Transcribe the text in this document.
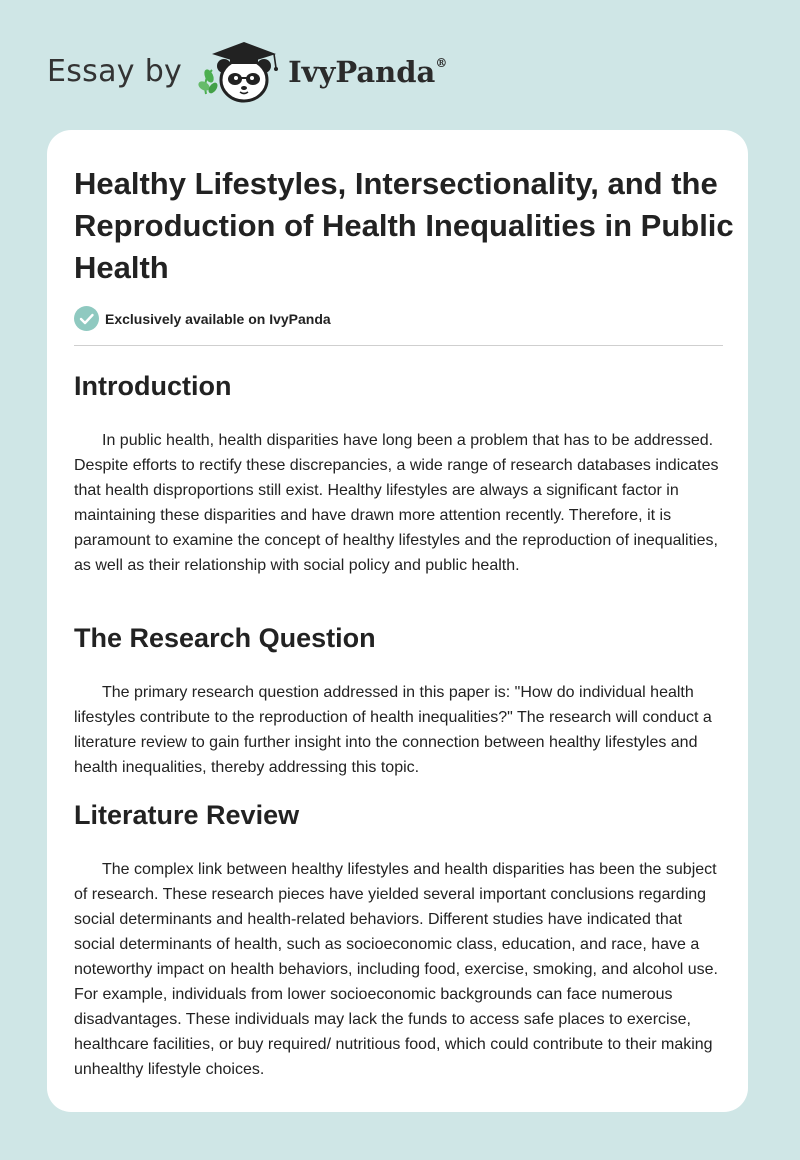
Essay by	IvyPanda®
Healthy Lifestyles, Intersectionality, and the Reproduction of Health Inequalities in Public Health
Exclusively available on IvyPanda
Introduction

In public health, health disparities have long been a problem that has to be addressed. Despite efforts to rectify these discrepancies, a wide range of research databases indicates that health disproportions still exist. Healthy lifestyles are always a significant factor in maintaining these disparities and have drawn more attention recently. Therefore, it is paramount to examine the concept of healthy lifestyles and the reproduction of inequalities, as well as their relationship with social policy and public health.

The Research Question

The primary research question addressed in this paper is: "How do individual health lifestyles contribute to the reproduction of health inequalities?" The research will conduct a literature review to gain further insight into the connection between healthy lifestyles and health inequalities, thereby addressing this topic.

Literature Review

The complex link between healthy lifestyles and health disparities has been the subject of research. These research pieces have yielded several important conclusions regarding social determinants and health-related behaviors. Different studies have indicated that social determinants of health, such as socioeconomic class, education, and race, have a noteworthy impact on health behaviors, including food, exercise, smoking, and alcohol use. For example, individuals from lower socioeconomic backgrounds can face numerous disadvantages. These individuals may lack the funds to access safe places to exercise, healthcare facilities, or buy required/ nutritious food, which could contribute to their making unhealthy lifestyle choices.
